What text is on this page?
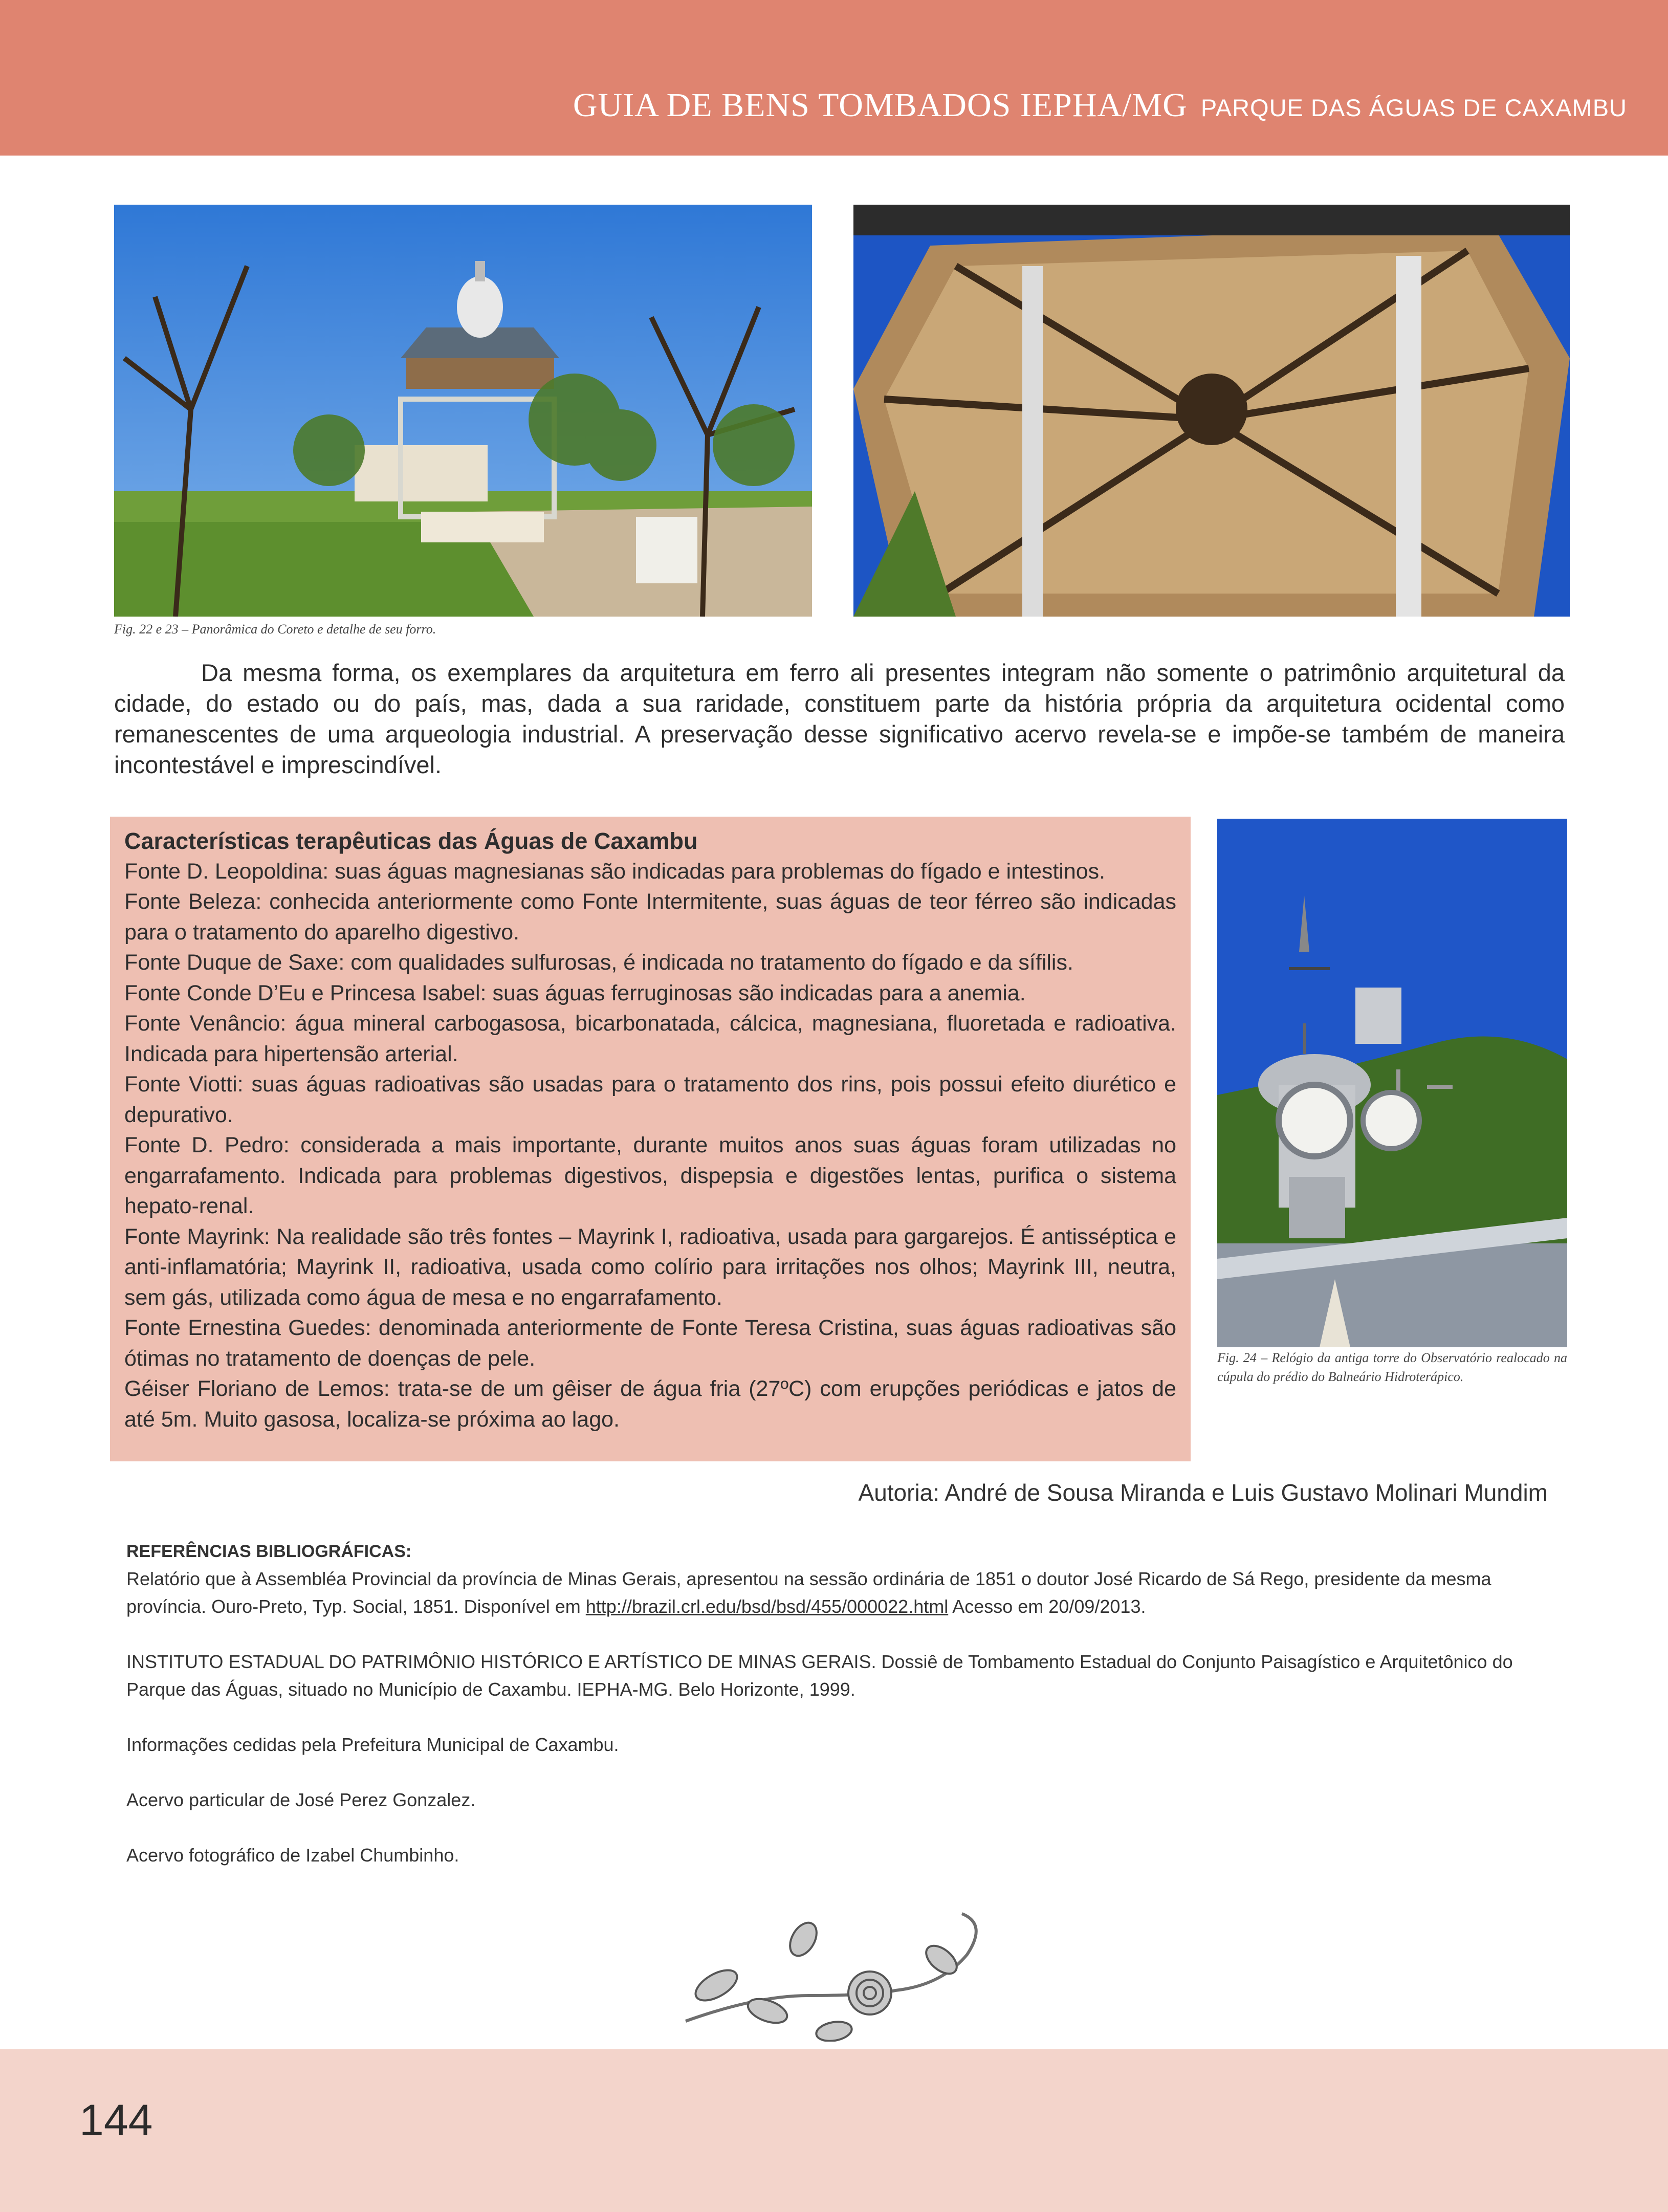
GUIA DE BENS TOMBADOS IEPHA/MG PARQUE DAS ÁGUAS DE CAXAMBU
Fig. 22 e 23 – Panorâmica do Coreto e detalhe de seu forro.

Da mesma forma, os exemplares da arquitetura em ferro ali presentes integram não somente o patrimônio arquitetural da cidade, do estado ou do país, mas, dada a sua raridade, constituem parte da história própria da arquitetura ocidental como remanescentes de uma arqueologia industrial. A preservação desse significativo acervo revela-se e impõe-se também de maneira incontestável e imprescindível.

Características terapêuticas das Águas de Caxambu

Fonte D. Leopoldina: suas águas magnesianas são indicadas para problemas do fígado e intestinos.

Fonte Beleza: conhecida anteriormente como Fonte Intermitente, suas águas de teor férreo são indicadas para o tratamento do aparelho digestivo.

Fonte Duque de Saxe: com qualidades sulfurosas, é indicada no tratamento do fígado e da sífilis.

Fonte Conde D’Eu e Princesa Isabel: suas águas ferruginosas são indicadas para a anemia.

Fonte Venâncio: água mineral carbogasosa, bicarbonatada, cálcica, magnesiana, fluoretada e radioativa. Indicada para hipertensão arterial.

Fonte Viotti: suas águas radioativas são usadas para o tratamento dos rins, pois possui efeito diurético e depurativo.

Fonte D. Pedro: considerada a mais importante, durante muitos anos suas águas foram utilizadas no engarrafamento. Indicada para problemas digestivos, dispepsia e digestões lentas, purifica o sistema hepato-renal.

Fonte Mayrink: Na realidade são três fontes – Mayrink I, radioativa, usada para gargarejos. É antisséptica e anti-inflamatória; Mayrink II, radioativa, usada como colírio para irritações nos olhos; Mayrink III, neutra, sem gás, utilizada como água de mesa e no engarrafamento.

Fonte Ernestina Guedes: denominada anteriormente de Fonte Teresa Cristina, suas águas radioativas são ótimas no tratamento de doenças de pele.

Géiser Floriano de Lemos: trata-se de um gêiser de água fria (27ºC) com erupções periódicas e jatos de até 5m. Muito gasosa, localiza-se próxima ao lago.

Fig. 24 – Relógio da antiga torre do Observatório realocado na cúpula do prédio do Balneário Hidroterápico.
Autoria: André de Sousa Miranda e Luis Gustavo Molinari Mundim
REFERÊNCIAS BIBLIOGRÁFICAS:

Relatório que à Assembléa Provincial da província de Minas Gerais, apresentou na sessão ordinária de 1851 o doutor José Ricardo de Sá Rego, presidente da mesma província. Ouro-Preto, Typ. Social, 1851. Disponível em http://brazil.crl.edu/bsd/bsd/455/000022.html Acesso em 20/09/2013.

INSTITUTO ESTADUAL DO PATRIMÔNIO HISTÓRICO E ARTÍSTICO DE MINAS GERAIS. Dossiê de Tombamento Estadual do Conjunto Paisagístico e Arquitetônico do Parque das Águas, situado no Município de Caxambu. IEPHA-MG. Belo Horizonte, 1999.

Informações cedidas pela Prefeitura Municipal de Caxambu.

Acervo particular de José Perez Gonzalez.

Acervo fotográfico de Izabel Chumbinho.

144
